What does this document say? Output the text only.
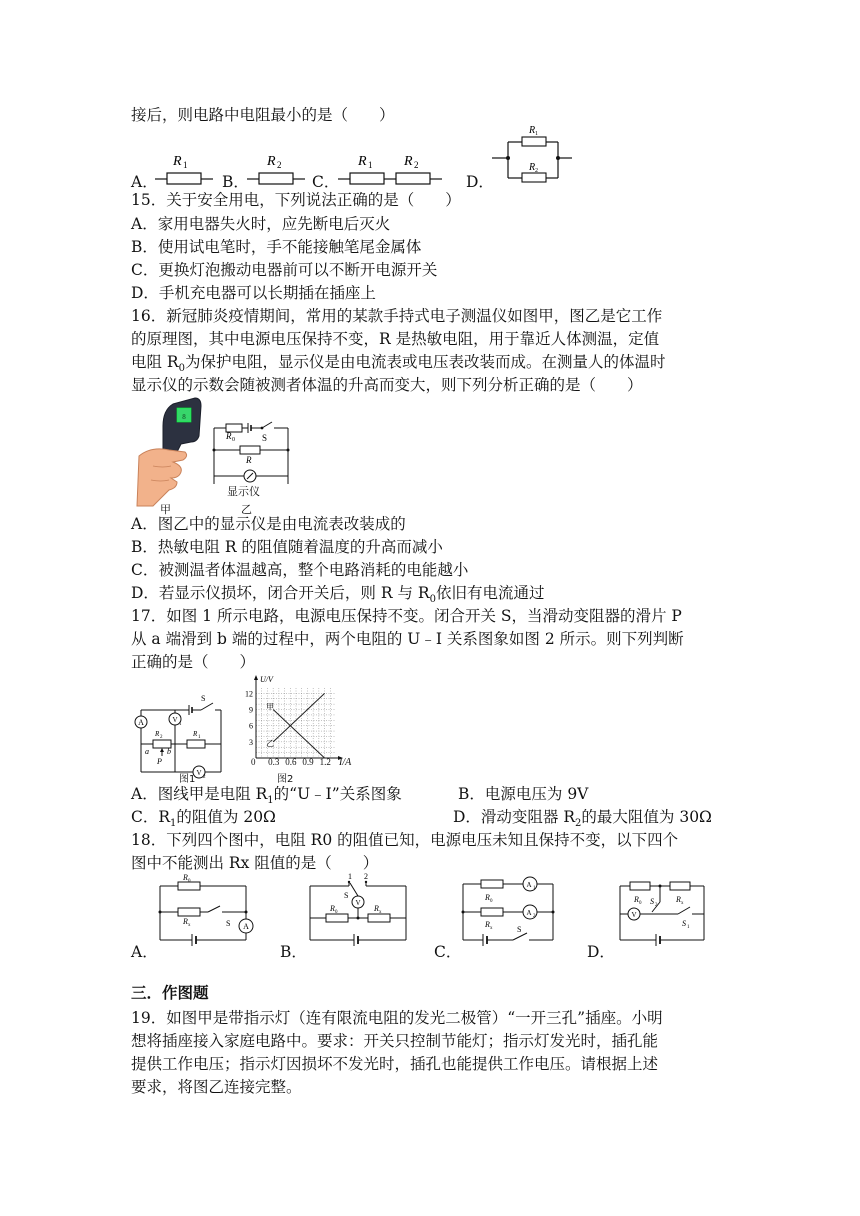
接后，则电路中电阻最小的是（　　）
A．
R 1
B．
R 2
C．
R 1 R 2
D．
R 1
R 2
15．关于安全用电，下列说法正确的是（　　）
A．家用电器失火时，应先断电后灭火
B．使用试电笔时，手不能接触笔尾金属体
C．更换灯泡搬动电器前可以不断开电源开关
D．手机充电器可以长期插在插座上
16．新冠肺炎疫情期间，常用的某款手持式电子测温仪如图甲，图乙是它工作
的原理图，其中电源电压保持不变，R 是热敏电阻，用于靠近人体测温，定值
电阻 $R_0$为保护电阻，显示仪是由电流表或电压表改装而成。在测量人的体温时
显示仪的示数会随被测者体温的升高而变大，则下列分析正确的是（　　）
8
甲
R 0	S
R
显示仪
乙
A．图乙中的显示仪是由电流表改装成的
B．热敏电阻 R 的阻值随着温度的升高而减小
C．被测温者体温越高，整个电路消耗的电能越小
D．若显示仪损坏，闭合开关后，则 R 与 $R_0$依旧有电流通过
17．如图 1 所示电路，电源电压保持不变。闭合开关 S，当滑动变阻器的滑片 P
从 a 端滑到 b 端的过程中，两个电阻的 U﹣I 关系图象如图 2 所示。则下列判断
正确的是（　　）
A	V
1
V
2
R 2	R 1
a b
P
S
图1
U/V
3
6
9
12
甲
乙
I/A
0 0.3 0.6 0.9 1.2
图2
A．图线甲是电阻 $R_1$的“U﹣I”关系图象	B．电源电压为 9V
C．$R_1$的阻值为 20Ω	D．滑动变阻器 $R_2$的最大阻值为 30Ω
18．下列四个图中，电阻 R0 的阻值已知，电源电压未知且保持不变，以下四个
图中不能测出 Rx 阻值的是（　　）
A．
A
R 0
R x	S
B．
1 2
S
V
R 0	R x
C．
A 1
A 2
R 0
R x	S
D．
V
R 0 S 2
R x
S 1
三．作图题
19．如图甲是带指示灯（连有限流电阻的发光二极管）“一开三孔”插座。小明
想将插座接入家庭电路中。要求：开关只控制节能灯；指示灯发光时，插孔能
提供工作电压；指示灯因损坏不发光时，插孔也能提供工作电压。请根据上述
要求，将图乙连接完整。
